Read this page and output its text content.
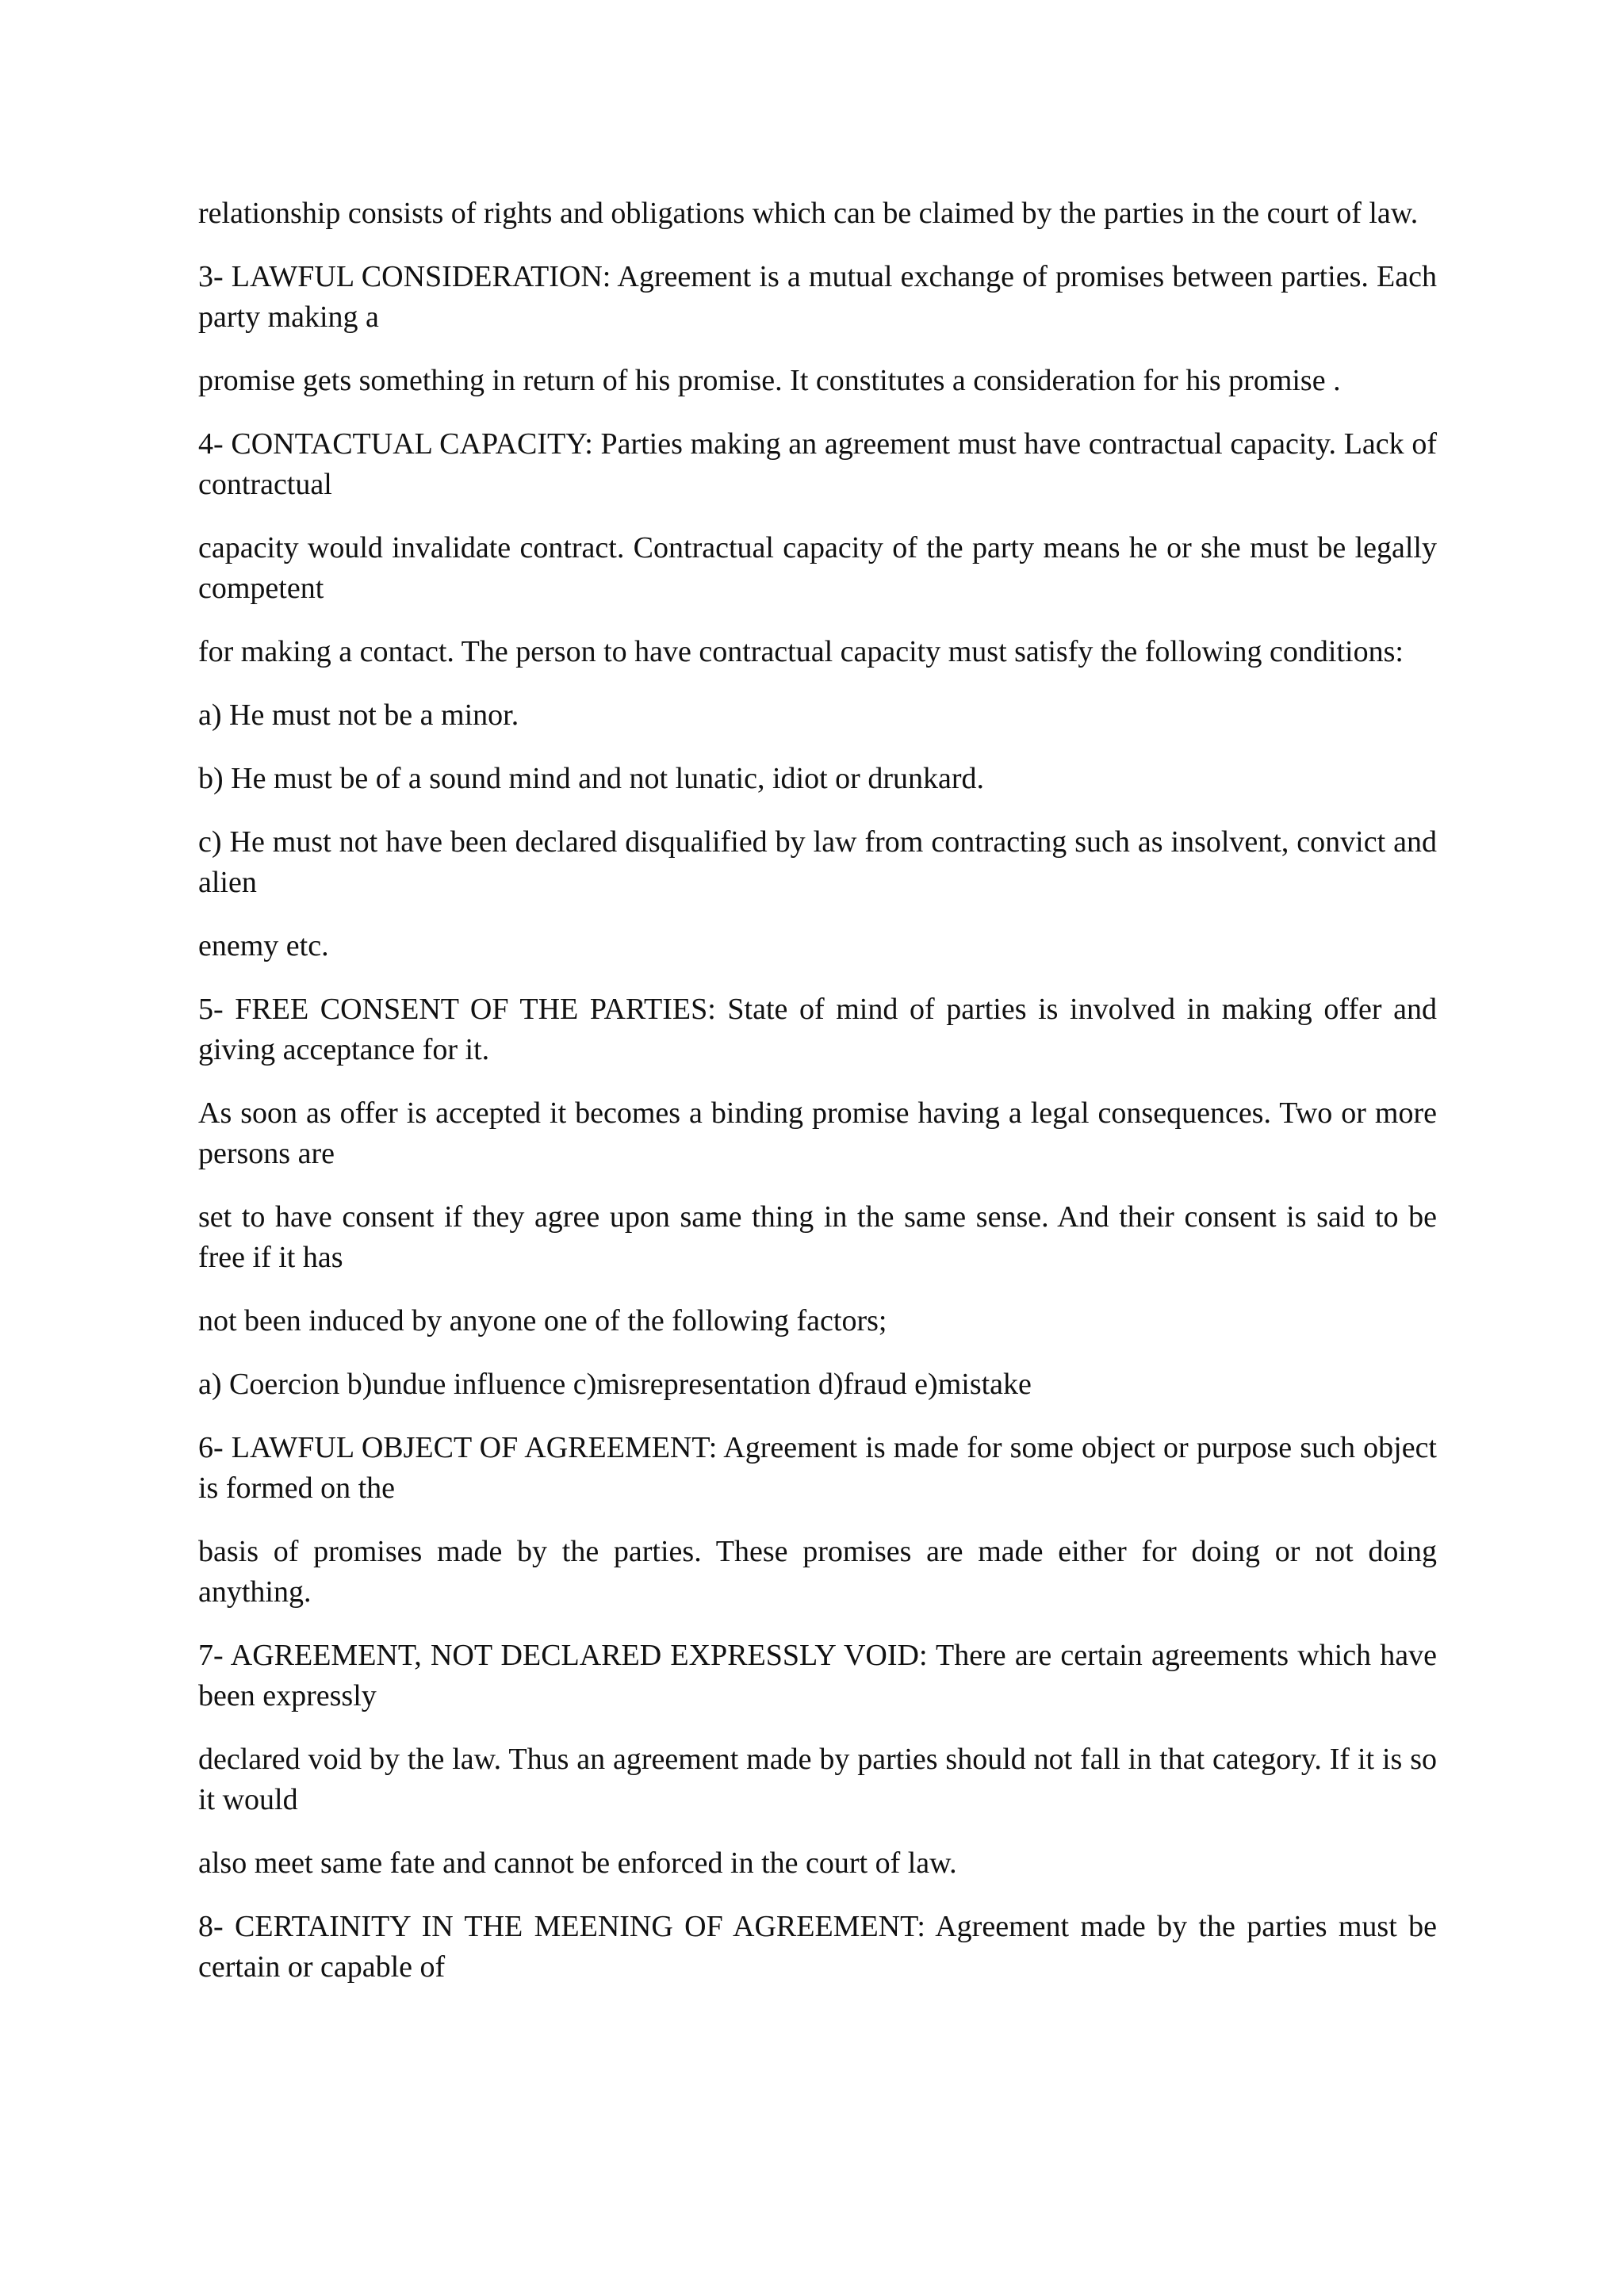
relationship consists of rights and obligations which can be claimed by the parties in the court of law.

3- LAWFUL CONSIDERATION: Agreement is a mutual exchange of promises between parties. Each party making a

promise gets something in return of his promise. It constitutes a consideration for his promise .

4- CONTACTUAL CAPACITY: Parties making an agreement must have contractual capacity. Lack of contractual

capacity would invalidate contract. Contractual capacity of the party means he or she must be legally competent

for making a contact. The person to have contractual capacity must satisfy the following conditions:

a) He must not be a minor.

b) He must be of a sound mind and not lunatic, idiot or drunkard.

c) He must not have been declared disqualified by law from contracting such as insolvent, convict and alien

enemy etc.

5- FREE CONSENT OF THE PARTIES: State of mind of parties is involved in making offer and giving acceptance for it.

As soon as offer is accepted it becomes a binding promise having a legal consequences. Two or more persons are

set to have consent if they agree upon same thing in the same sense. And their consent is said to be free if it has

not been induced by anyone one of the following factors;

a) Coercion b)undue influence c)misrepresentation d)fraud e)mistake

6- LAWFUL OBJECT OF AGREEMENT: Agreement is made for some object or purpose such object is formed on the

basis of promises made by the parties. These promises are made either for doing or not doing anything.

7- AGREEMENT, NOT DECLARED EXPRESSLY VOID: There are certain agreements which have been expressly

declared void by the law. Thus an agreement made by parties should not fall in that category. If it is so it would

also meet same fate and cannot be enforced in the court of law.

8- CERTAINITY IN THE MEENING OF AGREEMENT: Agreement made by the parties must be certain or capable of
